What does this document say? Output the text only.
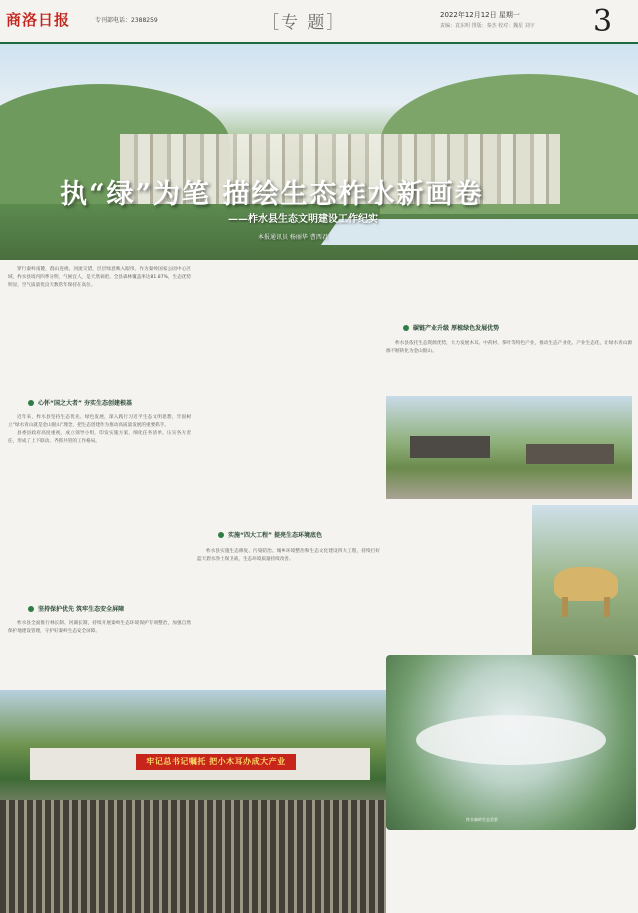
商洛日报	专刊部电话：2388259	［专 题］	2022年12月12日 星期一
责编：袁东明 排版：秦杰 校对：魏星 刘宇 3
执“绿”为笔 描绘生态柞水新画卷
——柞水县生态文明建设工作纪实
本报通讯员 杨丽华 曹西君

穿行秦岭南麓，群山连绵，河流交错，层层绿意映入眼帘。作为秦岭国家公园中心区域，柞水县境内四季分明，气候宜人，是天然氧吧。全县森林覆盖率达81.87%，生态优势明显，空气质量优良天数常年保持在高位。

心怀“国之大者” 夯实生态创建根基

近年来，柞水县坚持生态优先、绿色发展，深入践行习近平生态文明思想，牢固树立“绿水青山就是金山银山”理念，把生态创建作为推动高质量发展的重要抓手。

县委县政府高度重视，成立领导小组，印发实施方案，细化任务清单，压实各方责任，形成了上下联动、齐抓共管的工作格局。

坚持保护优先 筑牢生态安全屏障

柞水县全面推行林长制、河湖长制，持续开展秦岭生态环境保护专项整治，加强自然保护地建设管理，守护好秦岭生态安全屏障。

实施“四大工程” 提亮生态环境底色

柞水县实施生态修复、污染防治、城乡环境整治和生态文化建设四大工程，持续打好蓝天碧水净土保卫战，生态环境质量持续改善。

碳链产业升级 厚植绿色发展优势

柞水县依托生态资源优势，大力发展木耳、中药材、茶叶等特色产业，推动生态产业化、产业生态化，让绿水青山源源不断转化为金山银山。

柞水秦岭生态美景
牢记总书记嘱托 把小木耳办成大产业
